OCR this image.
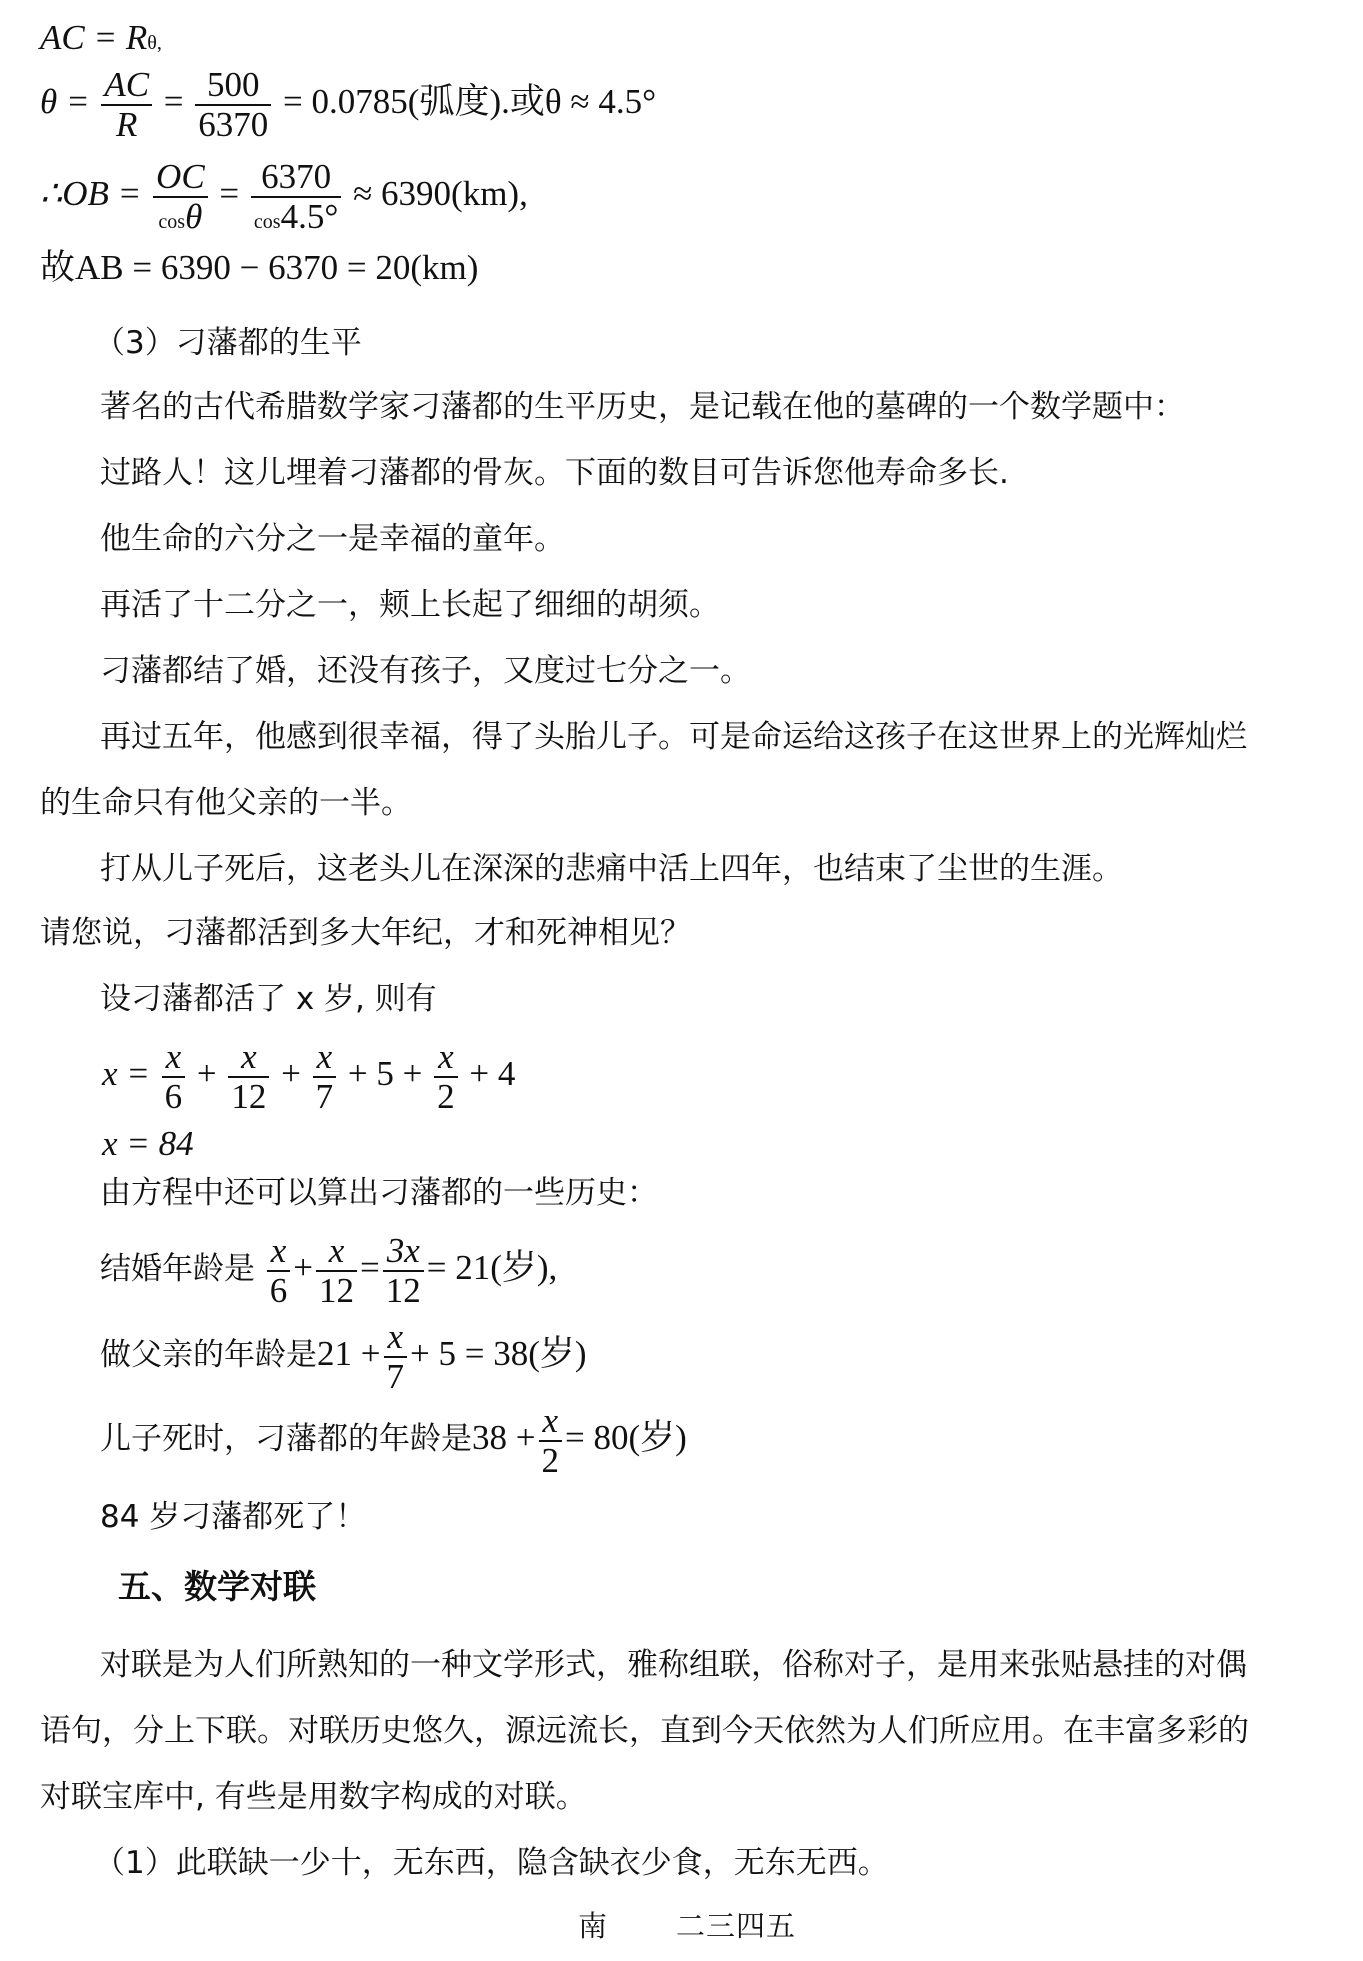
AC = Rθ,
$\theta = \frac{AC}{R} = \frac{500}{6370} = 0.0785$(弧度).或θ ≈ 4.5°
∴OB = $\frac{OC}{\cos\theta} = \frac{6370}{\cos 4.5^\circ} \approx 6390(km)$,
故AB = 6390 − 6370 = 20(km)
（3）刁藩都的生平
著名的古代希腊数学家刁藩都的生平历史，是记载在他的墓碑的一个数学题中：
过路人！这儿埋着刁藩都的骨灰。下面的数目可告诉您他寿命多长.
他生命的六分之一是幸福的童年。
再活了十二分之一，颊上长起了细细的胡须。
刁藩都结了婚，还没有孩子，又度过七分之一。
再过五年，他感到很幸福，得了头胎儿子。可是命运给这孩子在这世界上的光辉灿烂
的生命只有他父亲的一半。
打从儿子死后，这老头儿在深深的悲痛中活上四年，也结束了尘世的生涯。
请您说，刁藩都活到多大年纪，才和死神相见？
设刁藩都活了 x 岁, 则有
$x = \frac{x}{6} + \frac{x}{12} + \frac{x}{7} + 5 + \frac{x}{2} + 4$
x = 84
由方程中还可以算出刁藩都的一些历史：
结婚年龄是 $\frac{x}{6} + \frac{x}{12} = \frac{3x}{12} = 21$(岁),
做父亲的年龄是$21 + \frac{x}{7} + 5 = 38$(岁)
儿子死时，刁藩都的年龄是$38 + \frac{x}{2} = 80$(岁)
84 岁刁藩都死了！
五、数学对联
对联是为人们所熟知的一种文学形式，雅称组联，俗称对子，是用来张贴悬挂的对偶
语句，分上下联。对联历史悠久，源远流长，直到今天依然为人们所应用。在丰富多彩的
对联宝库中, 有些是用数字构成的对联。
（1）此联缺一少十，无东西，隐含缺衣少食，无东无西。
南 二三四五
